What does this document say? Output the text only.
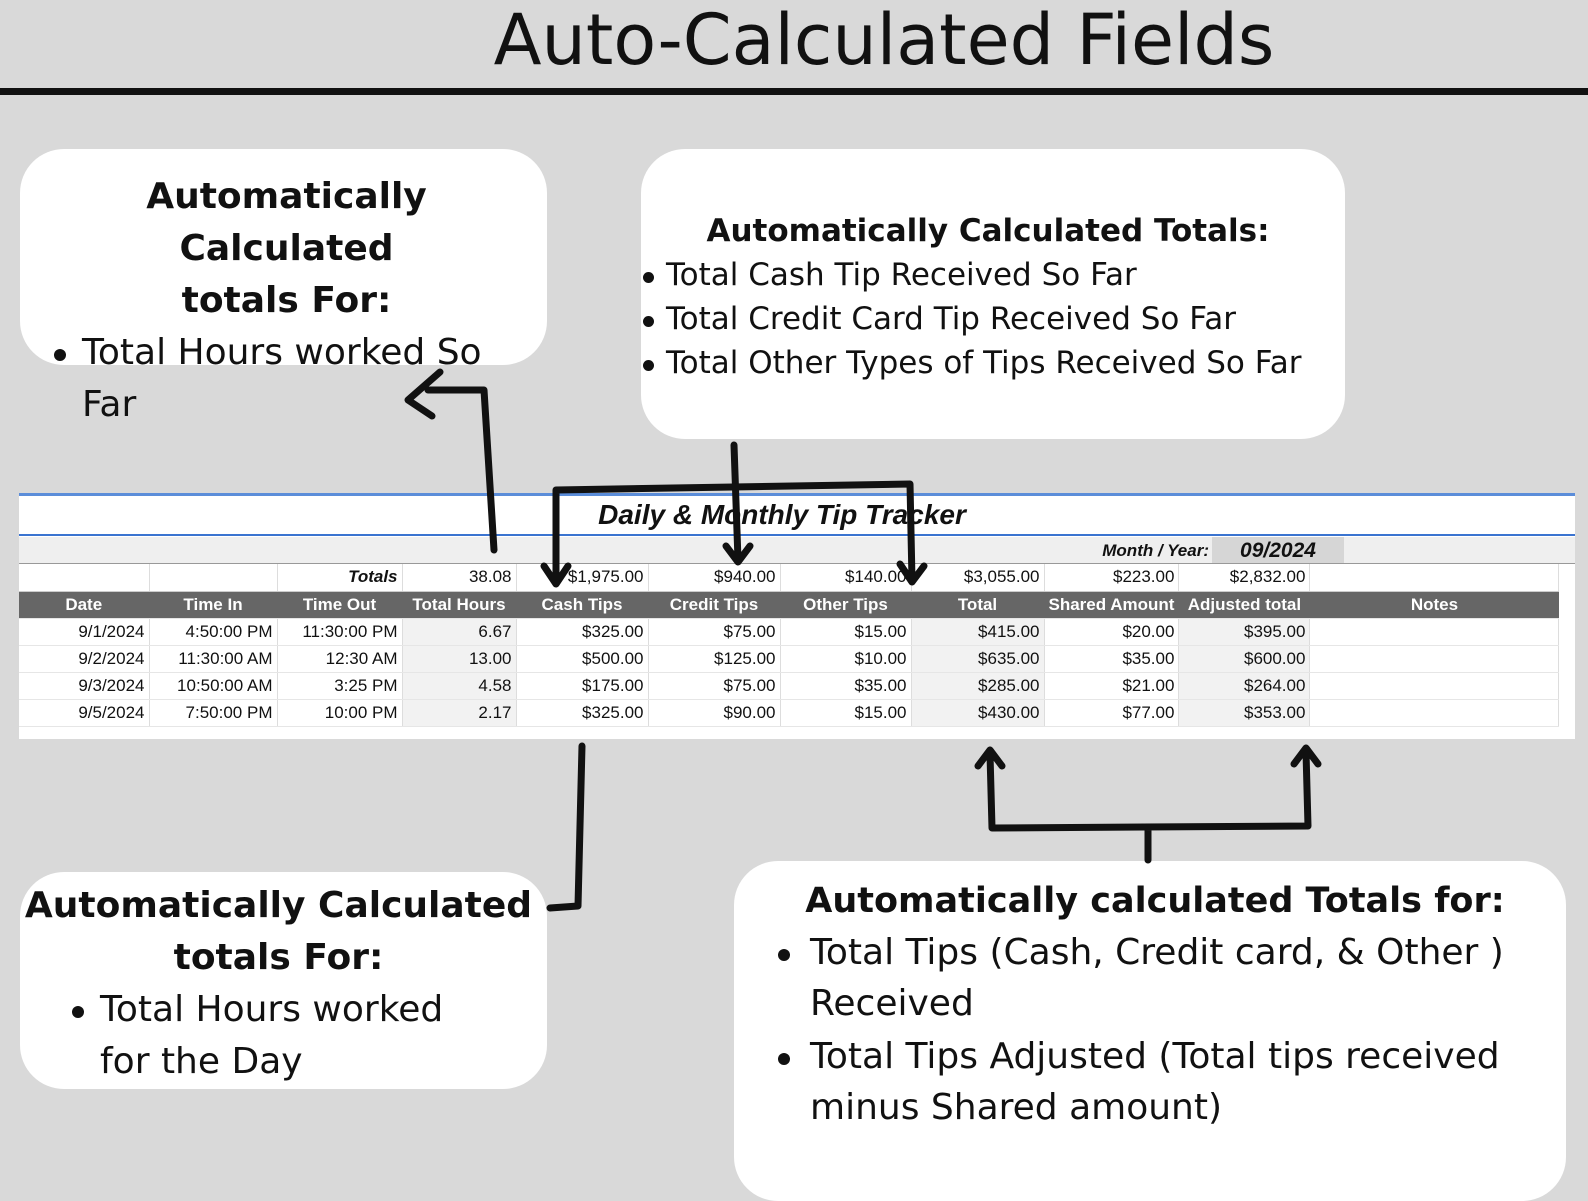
Auto-Calculated Fields
Automatically Calculated
totals For:
Total Hours worked So Far
Automatically Calculated Totals:
Total Cash Tip Received So Far
Total Credit Card Tip Received So Far
Total Other Types of Tips Received So Far
Daily & Monthly Tip Tracker
Month / Year:	09/2024
		Totals	38.08	$1,975.00	$940.00	$140.00	$3,055.00	$223.00	$2,832.00	
Date	Time In	Time Out	Total Hours	Cash Tips	Credit Tips	Other Tips	Total	Shared Amount	Adjusted total	Notes
9/1/2024	4:50:00 PM	11:30:00 PM	6.67	$325.00	$75.00	$15.00	$415.00	$20.00	$395.00	
9/2/2024	11:30:00 AM	12:30 AM	13.00	$500.00	$125.00	$10.00	$635.00	$35.00	$600.00	
9/3/2024	10:50:00 AM	3:25 PM	4.58	$175.00	$75.00	$35.00	$285.00	$21.00	$264.00	
9/5/2024	7:50:00 PM	10:00 PM	2.17	$325.00	$90.00	$15.00	$430.00	$77.00	$353.00	
Automatically Calculated
totals For:
Total Hours worked for the Day
Automatically calculated Totals for:
Total Tips (Cash, Credit card, & Other ) Received
Total Tips Adjusted (Total tips received minus Shared amount)
